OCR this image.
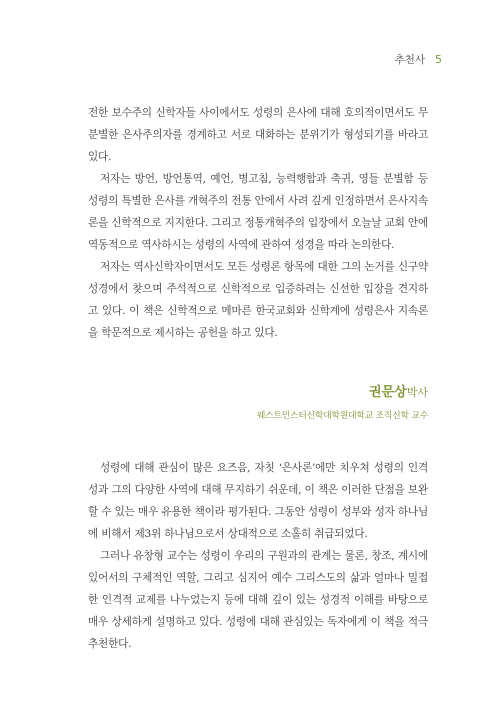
추천사 5

전한 보수주의 신학자들 사이에서도 성령의 은사에 대해 호의적이면서도 무분별한 은사주의자를 경계하고 서로 대화하는 분위기가 형성되기를 바라고 있다.

저자는 방언, 방언통역, 예언, 병고침, 능력행함과 축귀, 영들 분별함 등 성령의 특별한 은사를 개혁주의 전통 안에서 사려 깊게 인정하면서 은사지속론을 신학적으로 지지한다. 그리고 정통개혁주의 입장에서 오늘날 교회 안에 역동적으로 역사하시는 성령의 사역에 관하여 성경을 따라 논의한다.

저자는 역사신학자이면서도 모든 성령론 항목에 대한 그의 논거를 신구약 성경에서 찾으며 주석적으로 신학적으로 입증하려는 신선한 입장을 견지하고 있다. 이 책은 신학적으로 메마른 한국교회와 신학계에 성령은사 지속론을 학문적으로 제시하는 공헌을 하고 있다.

권문상박사
웨스트민스터신학대학원대학교 조직신학 교수

성령에 대해 관심이 많은 요즈음, 자칫 ‘은사론’에만 치우쳐 성령의 인격성과 그의 다양한 사역에 대해 무지하기 쉬운데, 이 책은 이러한 단점을 보완할 수 있는 매우 유용한 책이라 평가된다. 그동안 성령이 성부와 성자 하나님에 비해서 제3위 하나님으로서 상대적으로 소홀히 취급되었다.

그러나 유창형 교수는 성령이 우리의 구원과의 관계는 물론, 창조, 계시에 있어서의 구체적인 역할, 그리고 심지어 예수 그리스도의 삶과 얼마나 밀접한 인격적 교제를 나누었는지 등에 대해 깊이 있는 성경적 이해를 바탕으로 매우 상세하게 설명하고 있다. 성령에 대해 관심있는 독자에게 이 책을 적극 추천한다.
